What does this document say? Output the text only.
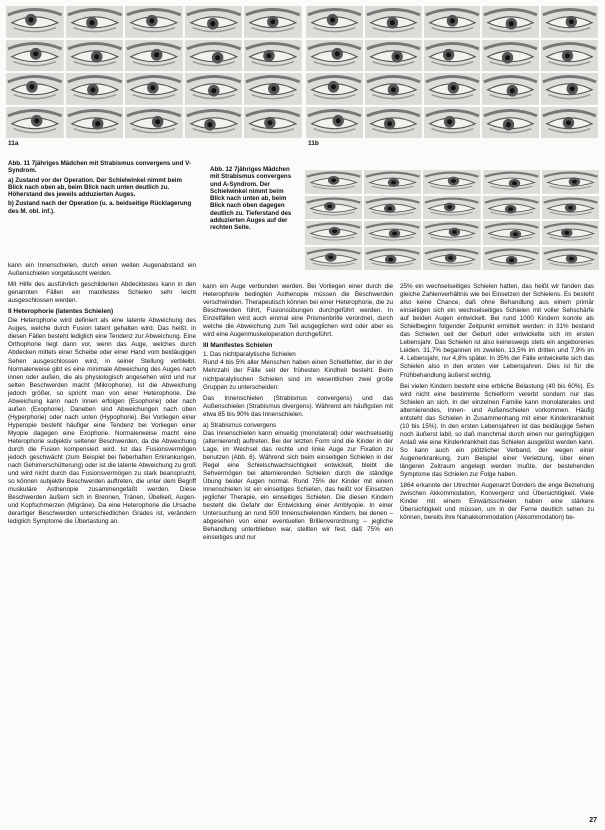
11a	11b

Abb. 11 7jähriges Mädchen mit Strabismus convergens und V-Syndrom.

a) Zustand vor der Operation. Der Schielwinkel nimmt beim Blick nach oben ab, beim Blick nach unten deutlich zu. Höherstand des jeweils adduzierten Auges.

b) Zustand nach der Operation (u. a. beidseitige Rücklagerung des M. obl. inf.).

Abb. 12 7jähriges Mädchen mit Strabismus convergens und A-Syndrom. Der Schielwinkel nimmt beim Blick nach unten ab, beim Blick nach oben dagegen deutlich zu. Tieferstand des adduzierten Auges auf der rechten Seite.

kann ein Innenschielen, durch einen weiten Augenabstand ein Außenschielen vorgetäuscht werden.

Mit Hilfe des ausführlich geschilderten Abdecktestes kann in den genannten Fällen ein manifestes Schielen sehr leicht ausgeschlossen werden.

II Heterophorie (latentes Schielen)

Die Heterophorie wird definiert als eine latente Abweichung des Auges, welche durch Fusion latent gehalten wird. Das heißt, in diesen Fällen besteht lediglich eine Tendenz zur Abweichung. Eine Orthophorie liegt dann vor, wenn das Auge, welches durch Abdecken mittels einer Scheibe oder einer Hand vom beidäugigen Sehen ausgeschlossen wird, in seiner Stellung verbleibt. Normalerweise gibt es eine minimale Abweichung des Auges nach innen oder außen, die als physiologisch angesehen wird und nur selten Beschwerden macht (Mikrophorie). Ist die Abweichung jedoch größer, so spricht man von einer Heterophorie. Die Abweichung kann nach innen erfolgen (Esophorie) oder nach außen (Exophorie). Daneben sind Abweichungen nach oben (Hyperphorie) oder nach unten (Hypophorie). Bei Vorliegen einer Hyperopie besteht häufiger eine Tendenz bei Vorliegen einer Myopie dagegen eine Exophorie. Normalerweise macht eine Heterophorie subjektiv seltener Beschwerden, da die Abweichung durch die Fusion kompensiert wird. Ist das Fusionsvermögen jedoch geschwächt (zum Beispiel bei fieberhaften Erkrankungen, nach Gehirnerschütterung) oder ist die latente Abweichung zu groß und wird nicht durch das Fusionsvermögen zu stark beansprucht, so können subjektiv Beschwerden auftreten, die unter dem Begriff muskuläre Asthenopie zusammengefaßt werden. Diese Beschwerden äußern sich in Brennen, Tränen, Übelkeit, Augen- und Kopfschmerzen (Migräne). Da eine Heterophorie die Ursache derartiger Beschwerden unterschiedlichen Grades ist, verändern lediglich Symptome die Überlastung an.

kann ein Auge verbunden werden. Bei Vorliegen einer durch die Heterophorie bedingten Asthenopie müssen die Beschwerden verschwinden. Therapeutisch können bei einer Heterophorie, die zu Beschwerden führt, Fusionsübungen durchgeführt werden. In Einzelfällen wird auch einmal eine Prismenbrille verordnet, durch welche die Abweichung zum Teil ausgeglichen wird oder aber es wird eine Augenmuskeloperation durchgeführt.

III Manifestes Schielen

1. Das nichtparalytische Schielen

Rund 4 bis 5% aller Menschen haben einen Schielfehler, der in der Mehrzahl der Fälle seit der frühesten Kindheit besteht. Beim nichtparalytischen Schielen sind im wesentlichen zwei große Gruppen zu unterscheiden:

Das Innenschielen (Strabismus convergens) und das Außenschielen (Strabismus divergens). Während am häufigsten mit etwa 85 bis 90% das Innenschielen.

a) Strabismus convergens

Das Innenschielen kann einseitig (monolateral) oder wechselseitig (alternierend) auftreten. Bei der letzten Form sind die Kinder in der Lage, im Wechsel das rechte und linke Auge zur Fixation zu benutzen (Abb. 6). Während sich beim einseitigen Schielen in der Regel eine Schielschwachsichtigkeit entwickelt, bleibt die Sehvermögen bei alternierenden Schielen durch die ständige Übung beider Augen normal. Rund 75% der Kinder mit einem Innenschielen ist ein einseitiges Schielen, das heißt vor Einsetzen jeglicher Therapie, ein einseitiges Schielen. Die diesen Kindern besteht die Gefahr der Entwicklung einer Amblyopie. In einer Untersuchung an rund 500 Innenschielenden Kindern, bei denen – abgesehen von einer eventuellen Brillenverordnung – jegliche Behandlung unterblieben war, stellten wir fest, daß 75% ein einseitiges und nur

25% ein wechselseitiges Schielen hatten, das heißt wir fanden das gleiche Zahlenverhältnis wie bei Einsetzen der Schielens. Es besteht also keine Chance, daß ohne Behandlung aus einem primär einseitigen sich ein wechselseitiges Schielen mit voller Sehschärfe auf beiden Augen entwickelt. Bei rund 1000 Kindern konnte als Schielbeginn folgender Zeitpunkt ermittelt werden: in 31% bestand das Schielen seit der Geburt oder entwickelte sich im ersten Lebensjahr. Das Schielen ist also keineswegs stets ein angeborenes Leiden. 31,7% begannen im zweiten, 13,5% im dritten und 7,9% im 4. Lebensjahr, nur 4,8% später. In 35% der Fälle entwickelte sich das Schielen also in den ersten vier Lebensjahren. Dies ist für die Frühbehandlung äußerst wichtig.

Bei vielen Kindern besteht eine erbliche Belastung (40 bis 60%). Es wird nicht eine bestimmte Schielform vererbt sondern nur das Schielen an sich. In der einzelnen Familie kann monolaterales und alternierendes, Innen- und Außenschielen vorkommen. Häufig entsteht das Schielen in Zusammenhang mit einer Kinderkrankheit (10 bis 15%). In den ersten Lebensjahren ist das beidäugige Sehen noch äußerst labil, so daß manchmal durch einen nur geringfügigen Anlaß wie eine Kinderkrankheit das Schielen ausgelöst werden kann. So kann auch ein plötzlicher Verband, der wegen einer Augenerkrankung, zum Beispiel einer Verletzung, über einen längeren Zeitraum angelegt werden mußte, der bestehenden Symptome das Schielen zur Folge haben.

1864 erkannte der Utrechter Augenarzt Donders die enge Beziehung zwischen Akkommodation, Konvergenz und Übersichtigkeit. Viele Kinder mit einem Einwärtsschielen haben eine stärkere Übersichtigkeit und müssen, um in der Ferne deutlich sehen zu können, bereits ihre Nahakkommodation (Akkommodation) be-

27
